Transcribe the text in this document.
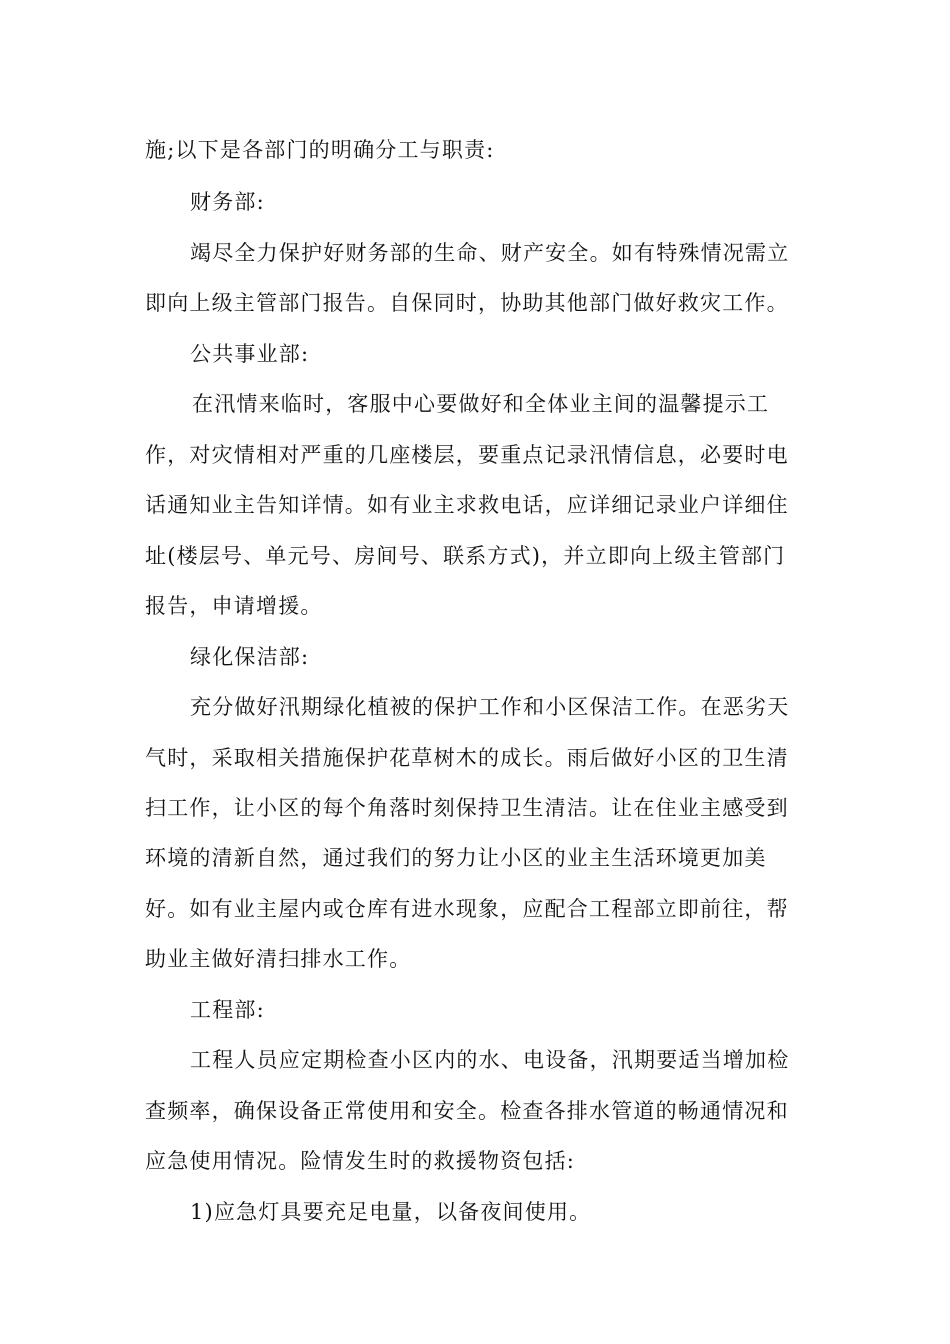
施;以下是各部门的明确分工与职责:
财务部:
竭尽全力保护好财务部的生命、财产安全。如有特殊情况需立
即向上级主管部门报告。自保同时，协助其他部门做好救灾工作。
公共事业部:
在汛情来临时，客服中心要做好和全体业主间的温馨提示工
作，对灾情相对严重的几座楼层，要重点记录汛情信息，必要时电
话通知业主告知详情。如有业主求救电话，应详细记录业户详细住
址(楼层号、单元号、房间号、联系方式)，并立即向上级主管部门
报告，申请增援。
绿化保洁部:
充分做好汛期绿化植被的保护工作和小区保洁工作。在恶劣天
气时，采取相关措施保护花草树木的成长。雨后做好小区的卫生清
扫工作，让小区的每个角落时刻保持卫生清洁。让在住业主感受到
环境的清新自然，通过我们的努力让小区的业主生活环境更加美
好。如有业主屋内或仓库有进水现象，应配合工程部立即前往，帮
助业主做好清扫排水工作。
工程部:
工程人员应定期检查小区内的水、电设备，汛期要适当增加检
查频率，确保设备正常使用和安全。检查各排水管道的畅通情况和
应急使用情况。险情发生时的救援物资包括:
1)应急灯具要充足电量，以备夜间使用。
